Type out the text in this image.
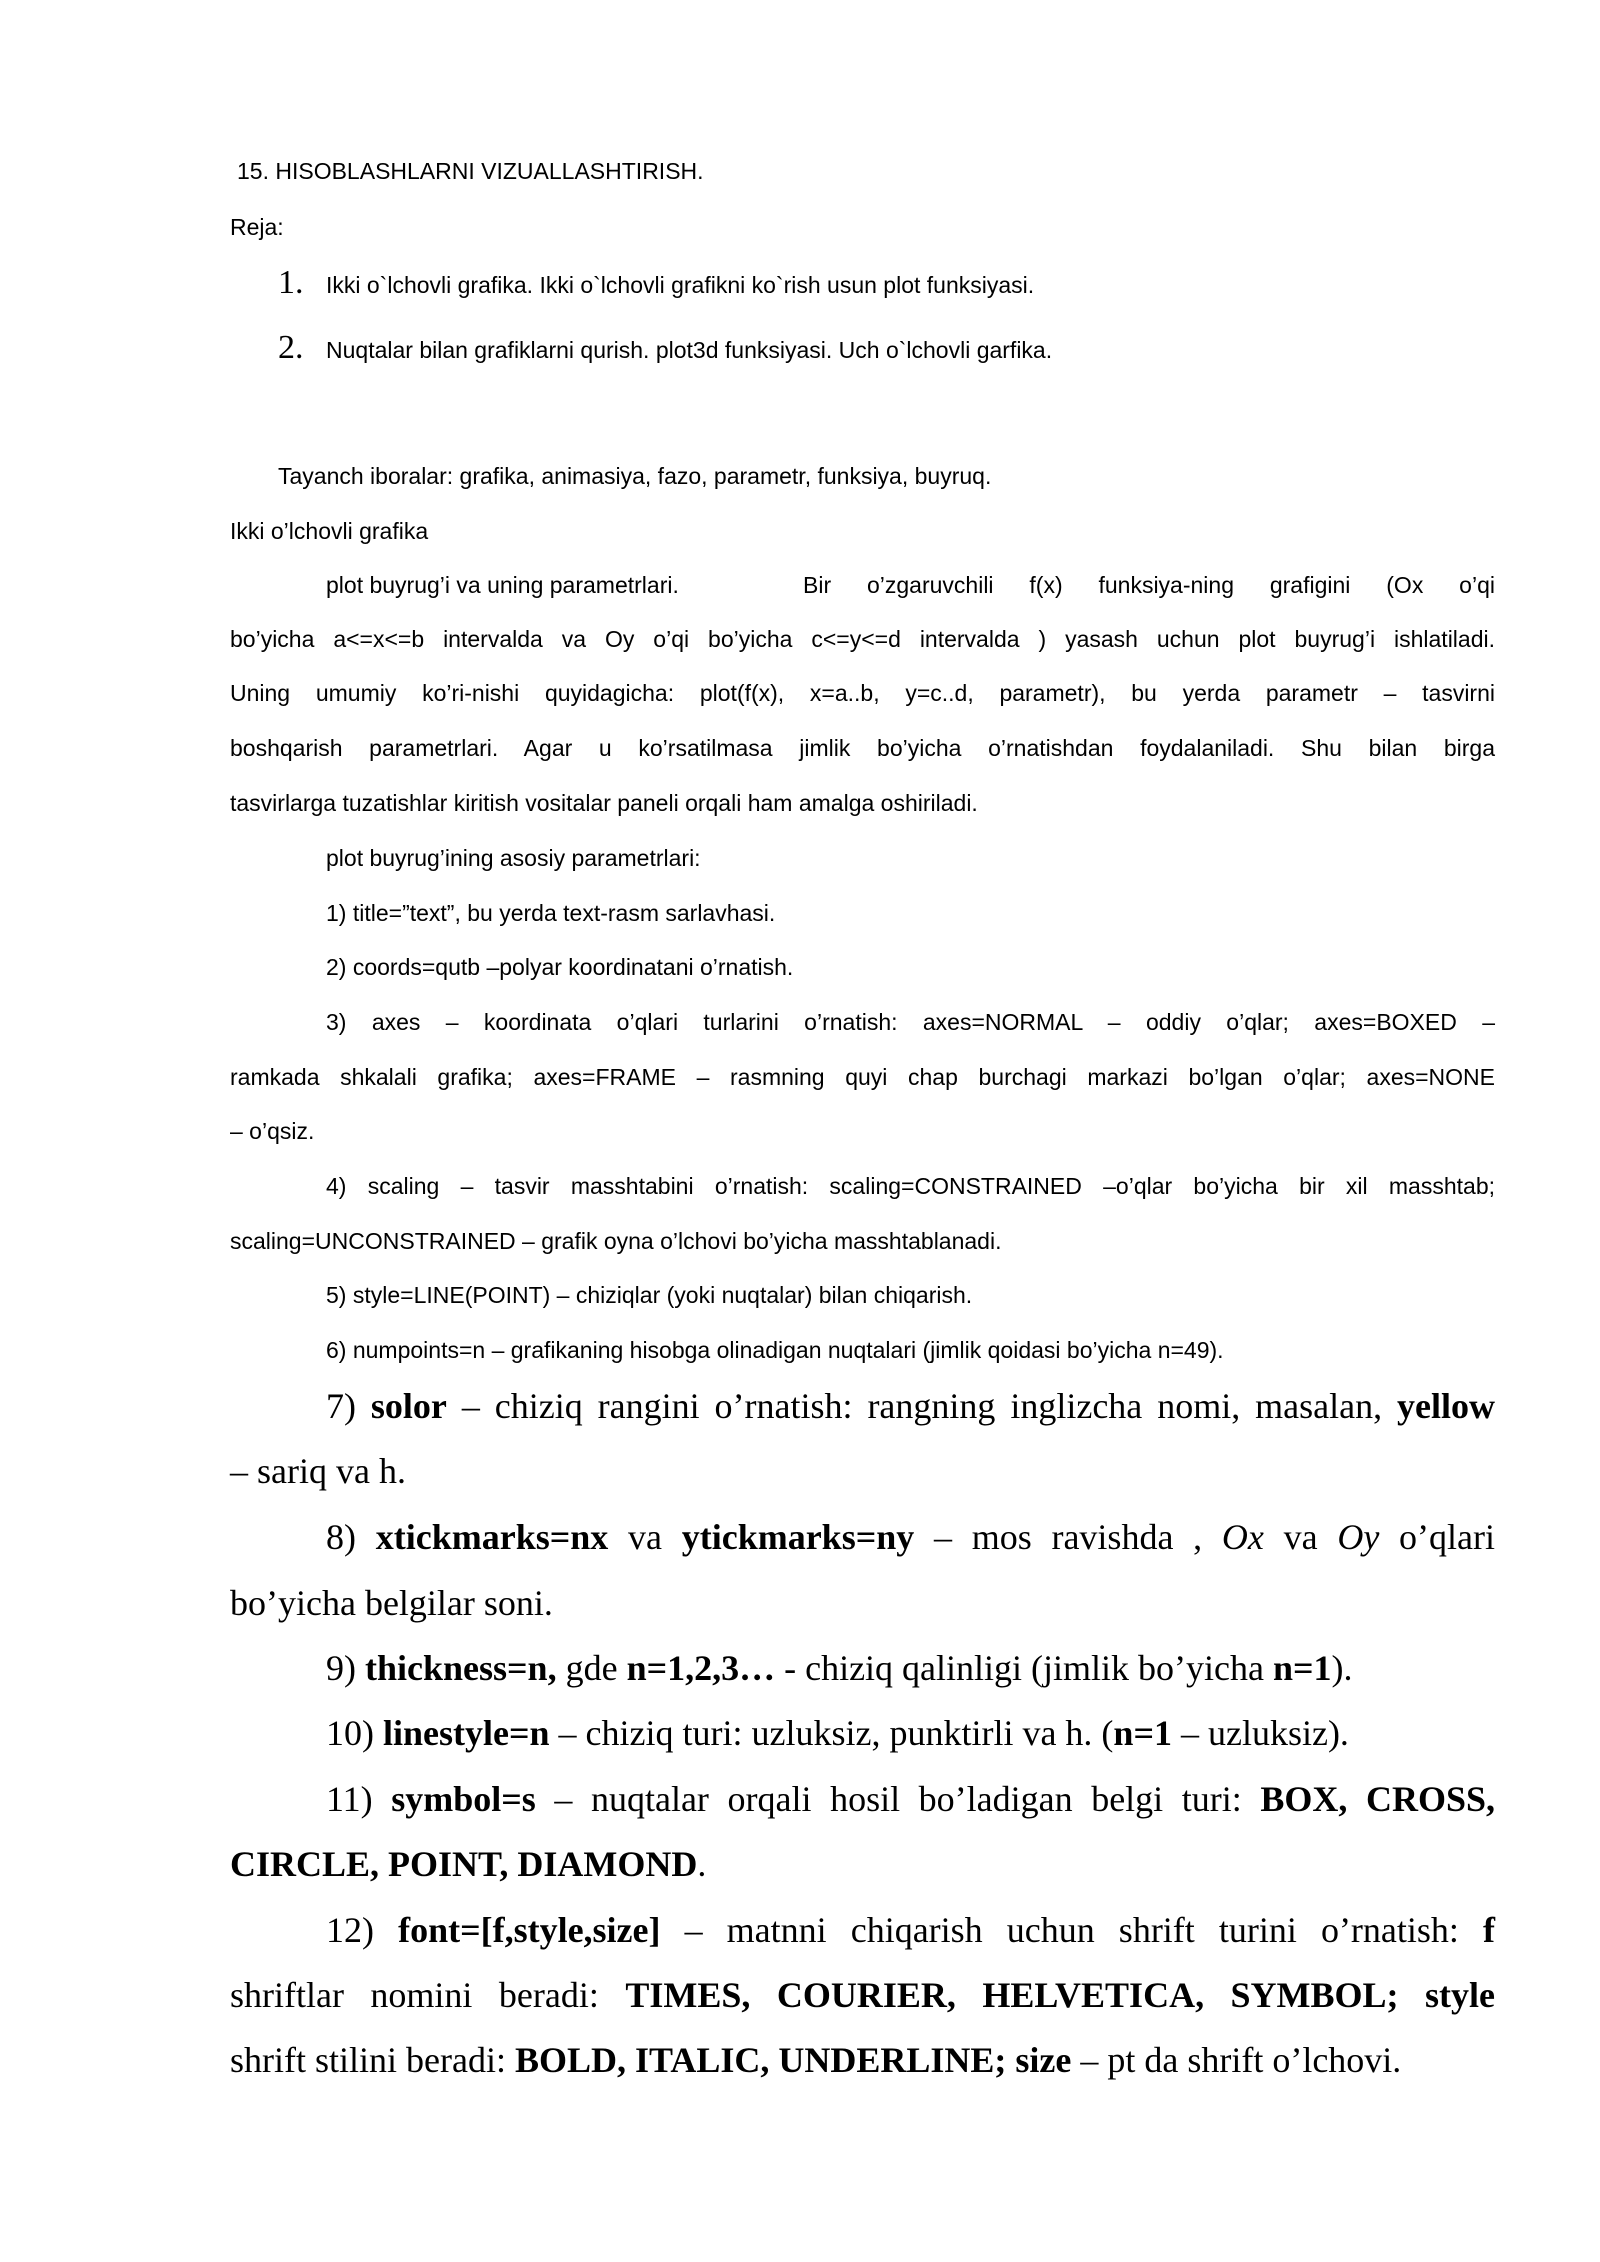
15. HISOBLASHLARNI VIZUALLASHTIRISH.
Reja:
1. Ikki o`lchovli grafika. Ikki o`lchovli grafikni ko`rish usun plot funksiyasi.
2. Nuqtalar bilan grafiklarni qurish. plot3d funksiyasi. Uch o`lchovli garfika.
Tayanch iboralar: grafika, animasiya, fazo, parametr, funksiya, buyruq.
Ikki o’lchovli grafika
plot buyrug’i va uning parametrlari.	Bir o’zgaruvchili f(x) funksiya-ning grafigini (Ox o’qi
bo’yicha a<=x<=b intervalda va Oy o’qi bo’yicha c<=y<=d intervalda ) yasash uchun plot buyrug’i ishlatiladi.
Uning umumiy ko’ri-nishi quyidagicha: plot(f(x), x=a..b, y=c..d, parametr), bu yerda parametr – tasvirni
boshqarish parametrlari. Agar u ko’rsatilmasa jimlik bo’yicha o’rnatishdan foydalaniladi. Shu bilan birga
tasvirlarga tuzatishlar kiritish vositalar paneli orqali ham amalga oshiriladi.
plot buyrug’ining asosiy parametrlari:
1) title=”text”, bu yerda text-rasm sarlavhasi.
2) coords=qutb –polyar koordinatani o’rnatish.
3) axes – koordinata o’qlari turlarini o’rnatish: axes=NORMAL – oddiy o’qlar; axes=BOXED –
ramkada shkalali grafika; axes=FRAME – rasmning quyi chap burchagi markazi bo’lgan o’qlar; axes=NONE
– o’qsiz.
4) scaling – tasvir masshtabini o’rnatish: scaling=CONSTRAINED –o’qlar bo’yicha bir xil masshtab;
scaling=UNCONSTRAINED – grafik oyna o’lchovi bo’yicha masshtablanadi.
5) style=LINE(POINT) – chiziqlar (yoki nuqtalar) bilan chiqarish.
6) numpoints=n – grafikaning hisobga olinadigan nuqtalari (jimlik qoidasi bo’yicha n=49).
7) solor – chiziq rangini o’rnatish: rangning inglizcha nomi, masalan, yellow
– sariq va h.
8) xtickmarks=nx va ytickmarks=ny – mos ravishda , Ox va Oy o’qlari
bo’yicha belgilar soni.
9) thickness=n, gde n=1,2,3… - chiziq qalinligi (jimlik bo’yicha n=1).
10) linestyle=n – chiziq turi: uzluksiz, punktirli va h. (n=1 – uzluksiz).
11) symbol=s – nuqtalar orqali hosil bo’ladigan belgi turi: BOX, CROSS,
CIRCLE, POINT, DIAMOND.
12) font=[f,style,size] – matnni chiqarish uchun shrift turini o’rnatish: f
shriftlar nomini beradi: TIMES, COURIER, HELVETICA, SYMBOL; style
shrift stilini beradi: BOLD, ITALIC, UNDERLINE; size – pt da shrift o’lchovi.
